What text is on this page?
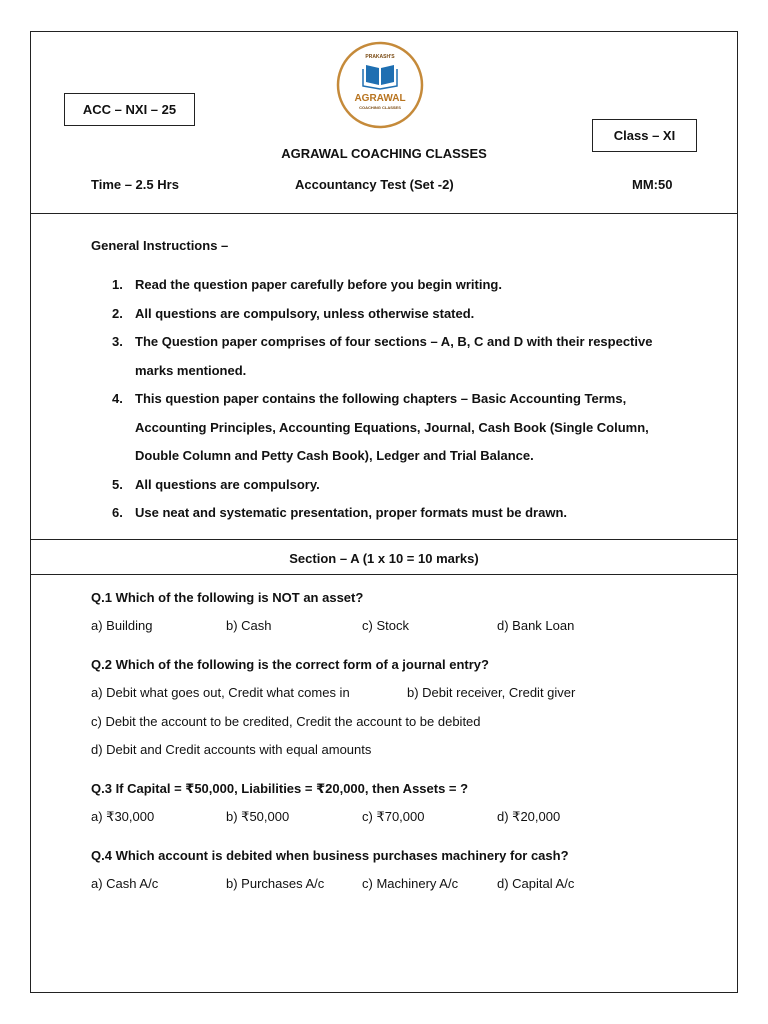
ACC – NXI – 25
Class – XI
PRAKASH'S
AGRAWAL
COACHING CLASSES
AGRAWAL COACHING CLASSES
Time – 2.5 Hrs	Accountancy Test (Set -2)	MM:50
General Instructions –
1. Read the question paper carefully before you begin writing.
2. All questions are compulsory, unless otherwise stated.
3. The Question paper comprises of four sections – A, B, C and D with their respective
marks mentioned.
4. This question paper contains the following chapters – Basic Accounting Terms,
Accounting Principles, Accounting Equations, Journal, Cash Book (Single Column,
Double Column and Petty Cash Book), Ledger and Trial Balance.
5. All questions are compulsory.
6. Use neat and systematic presentation, proper formats must be drawn.
Section – A (1 x 10 = 10 marks)
Q.1 Which of the following is NOT an asset?
a) Building	b) Cash	c) Stock	d) Bank Loan
Q.2 Which of the following is the correct form of a journal entry?
a) Debit what goes out, Credit what comes in	b) Debit receiver, Credit giver
c) Debit the account to be credited, Credit the account to be debited
d) Debit and Credit accounts with equal amounts
Q.3 If Capital = ₹50,000, Liabilities = ₹20,000, then Assets = ?
a) ₹30,000	b) ₹50,000	c) ₹70,000	d) ₹20,000
Q.4 Which account is debited when business purchases machinery for cash?
a) Cash A/c	b) Purchases A/c	c) Machinery A/c	d) Capital A/c
